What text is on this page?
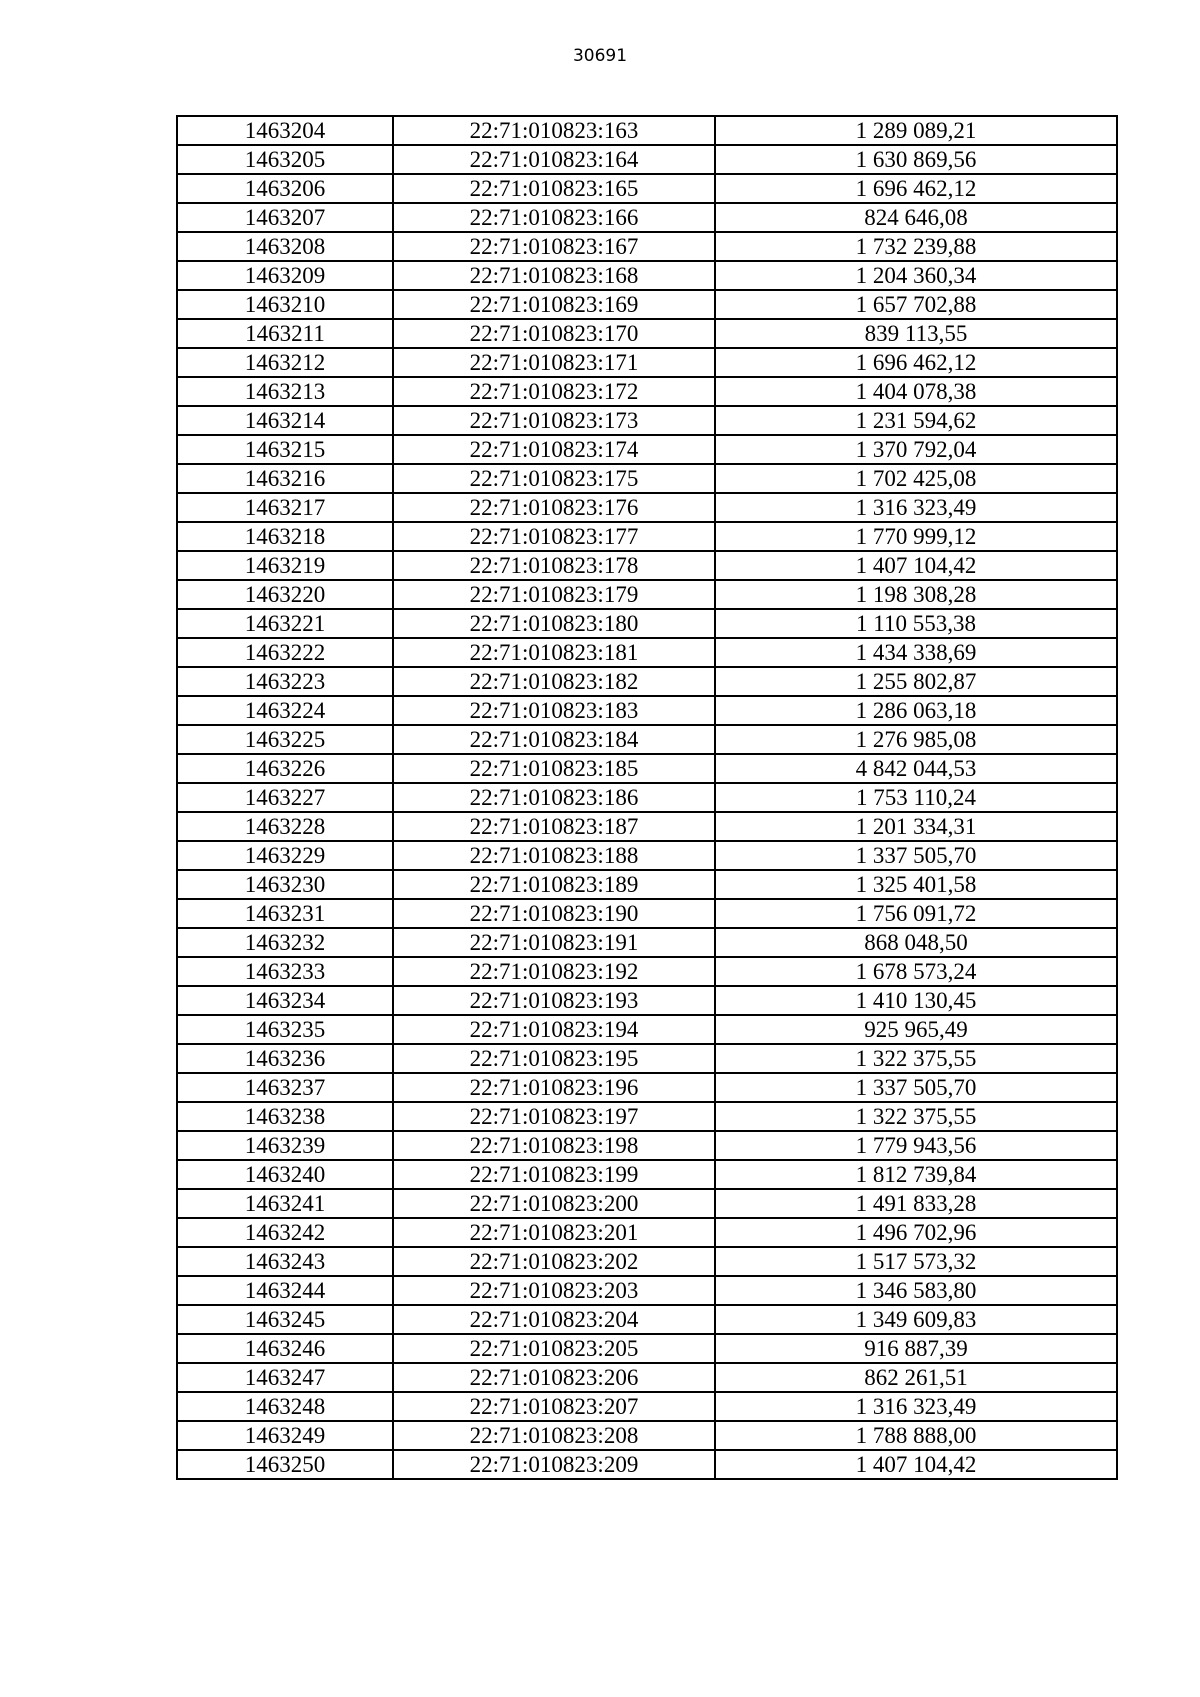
30691
1463204	22:71:010823:163	1 289 089,21
1463205	22:71:010823:164	1 630 869,56
1463206	22:71:010823:165	1 696 462,12
1463207	22:71:010823:166	824 646,08
1463208	22:71:010823:167	1 732 239,88
1463209	22:71:010823:168	1 204 360,34
1463210	22:71:010823:169	1 657 702,88
1463211	22:71:010823:170	839 113,55
1463212	22:71:010823:171	1 696 462,12
1463213	22:71:010823:172	1 404 078,38
1463214	22:71:010823:173	1 231 594,62
1463215	22:71:010823:174	1 370 792,04
1463216	22:71:010823:175	1 702 425,08
1463217	22:71:010823:176	1 316 323,49
1463218	22:71:010823:177	1 770 999,12
1463219	22:71:010823:178	1 407 104,42
1463220	22:71:010823:179	1 198 308,28
1463221	22:71:010823:180	1 110 553,38
1463222	22:71:010823:181	1 434 338,69
1463223	22:71:010823:182	1 255 802,87
1463224	22:71:010823:183	1 286 063,18
1463225	22:71:010823:184	1 276 985,08
1463226	22:71:010823:185	4 842 044,53
1463227	22:71:010823:186	1 753 110,24
1463228	22:71:010823:187	1 201 334,31
1463229	22:71:010823:188	1 337 505,70
1463230	22:71:010823:189	1 325 401,58
1463231	22:71:010823:190	1 756 091,72
1463232	22:71:010823:191	868 048,50
1463233	22:71:010823:192	1 678 573,24
1463234	22:71:010823:193	1 410 130,45
1463235	22:71:010823:194	925 965,49
1463236	22:71:010823:195	1 322 375,55
1463237	22:71:010823:196	1 337 505,70
1463238	22:71:010823:197	1 322 375,55
1463239	22:71:010823:198	1 779 943,56
1463240	22:71:010823:199	1 812 739,84
1463241	22:71:010823:200	1 491 833,28
1463242	22:71:010823:201	1 496 702,96
1463243	22:71:010823:202	1 517 573,32
1463244	22:71:010823:203	1 346 583,80
1463245	22:71:010823:204	1 349 609,83
1463246	22:71:010823:205	916 887,39
1463247	22:71:010823:206	862 261,51
1463248	22:71:010823:207	1 316 323,49
1463249	22:71:010823:208	1 788 888,00
1463250	22:71:010823:209	1 407 104,42
